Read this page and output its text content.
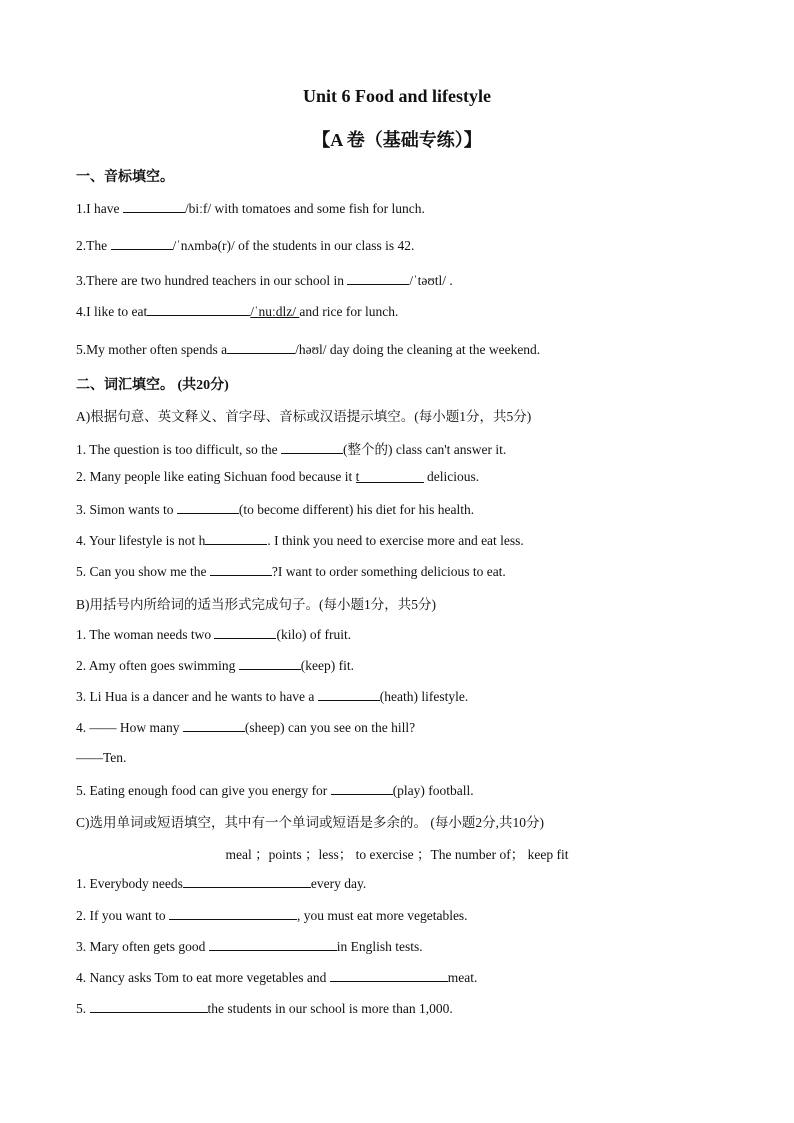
Unit 6 Food and lifestyle
【A 卷（基础专练）】
一、音标填空。
1.I have	/biːf/ with tomatoes and some fish for lunch.
2.The	/ˈnʌmbə(r)/ of the students in our class is 42.
3.There are two hundred teachers in our school in	/ˈtəʊtl/ .
4.I like to eat	/ˈnuːdlz/ and rice for lunch.
5.My mother often spends a	/həʊl/ day doing the cleaning at the weekend.
二、词汇填空。 (共20分)
A)根据句意、英文释义、首字母、音标或汉语提示填空。(每小题1分，共5分)
1. The question is too difficult, so the	(整个的) class can't answer it.
2. Many people like eating Sichuan food because it t	delicious.
3. Simon wants to	(to become different) his diet for his health.
4. Your lifestyle is not h	. I think you need to exercise more and eat less.
5. Can you show me the	?I want to order something delicious to eat.
B)用括号内所给词的适当形式完成句子。(每小题1分，共5分)
1. The woman needs two	(kilo) of fruit.
2. Amy often goes swimming	(keep) fit.
3. Li Hua is a dancer and he wants to have a	(heath) lifestyle.
4. —— How many	(sheep) can you see on the hill?
——Ten.
5. Eating enough food can give you energy for	(play) football.
C)选用单词或短语填空，其中有一个单词或短语是多余的。 (每小题2分,共10分)
meal ；points ；less； to exercise ；The number of； keep fit
1. Everybody needs	every day.
2. If you want to	, you must eat more vegetables.
3. Mary often gets good	in English tests.
4. Nancy asks Tom to eat more vegetables and	meat.
5.	the students in our school is more than 1,000.
